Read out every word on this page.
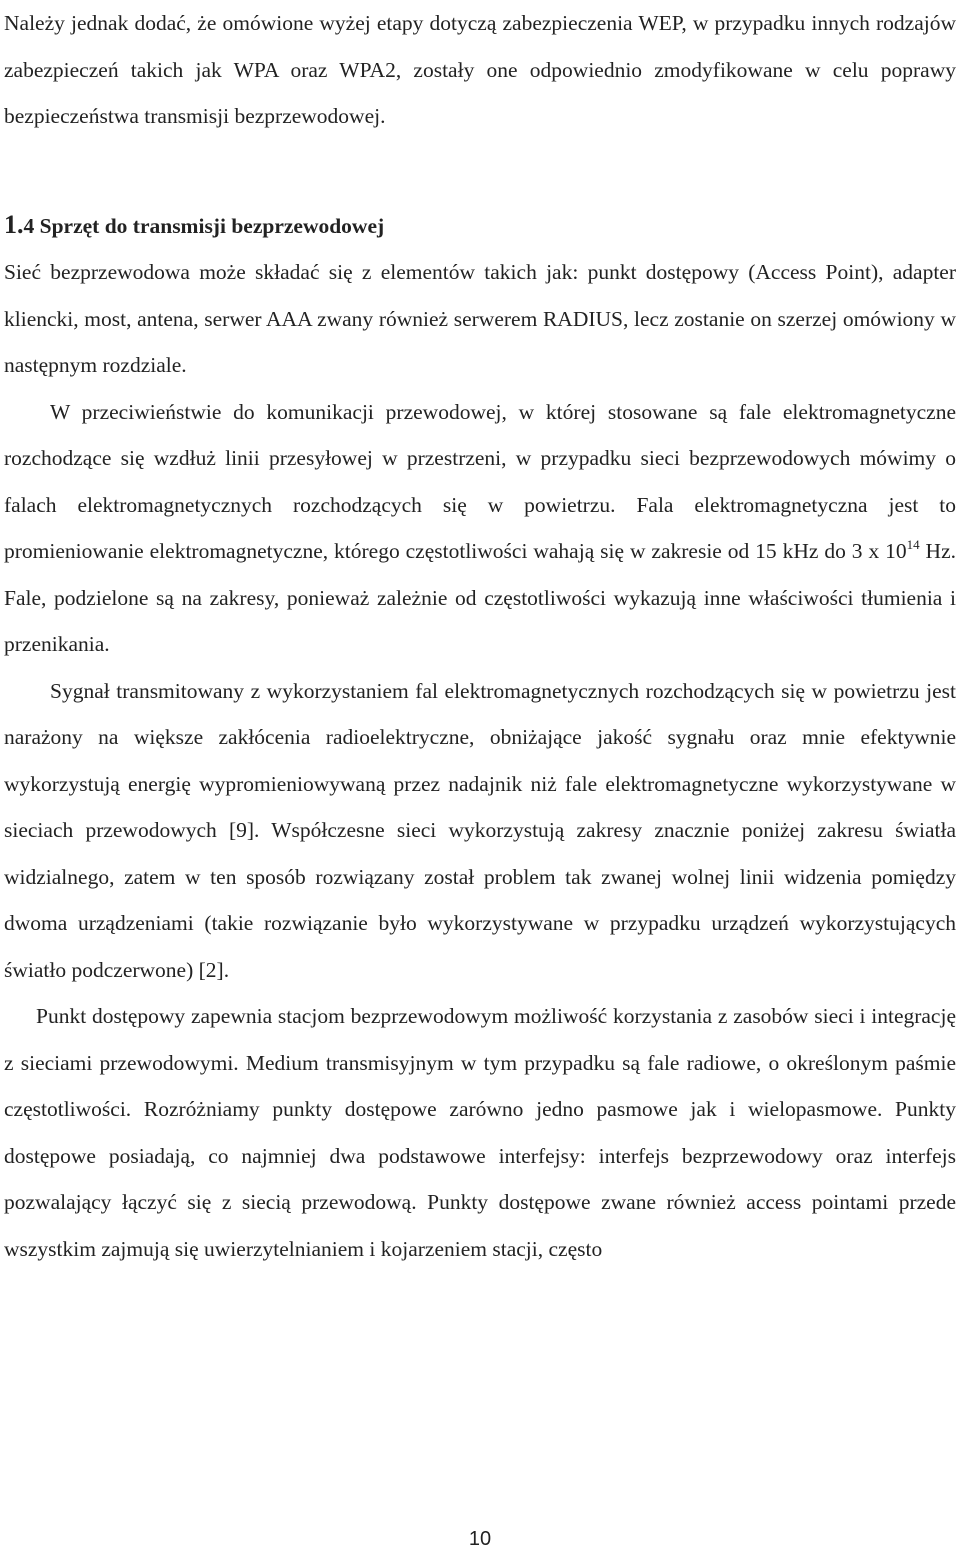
Należy jednak dodać, że omówione wyżej etapy dotyczą zabezpieczenia WEP, w przypadku innych rodzajów zabezpieczeń takich jak WPA oraz WPA2, zostały one odpowiednio zmodyfikowane w celu poprawy bezpieczeństwa transmisji bezprzewodowej.

1.4 Sprzęt do transmisji bezprzewodowej

Sieć bezprzewodowa może składać się z elementów takich jak: punkt dostępowy (Access Point), adapter kliencki, most, antena, serwer AAA zwany również serwerem RADIUS, lecz zostanie on szerzej omówiony w następnym rozdziale.

W przeciwieństwie do komunikacji przewodowej, w której stosowane są fale elektromagnetyczne rozchodzące się wzdłuż linii przesyłowej w przestrzeni, w przypadku sieci bezprzewodowych mówimy o falach elektromagnetycznych rozchodzących się w powietrzu. Fala elektromagnetyczna jest to promieniowanie elektromagnetyczne, którego częstotliwości wahają się w zakresie od 15 kHz do 3 x $10^{14}$ Hz. Fale, podzielone są na zakresy, ponieważ zależnie od częstotliwości wykazują inne właściwości tłumienia i przenikania.

Sygnał transmitowany z wykorzystaniem fal elektromagnetycznych rozchodzących się w powietrzu jest narażony na większe zakłócenia radioelektryczne, obniżające jakość sygnału oraz mnie efektywnie wykorzystują energię wypromieniowywaną przez nadajnik niż fale elektromagnetyczne wykorzystywane w sieciach przewodowych [9]. Współczesne sieci wykorzystują zakresy znacznie poniżej zakresu światła widzialnego, zatem w ten sposób rozwiązany został problem tak zwanej wolnej linii widzenia pomiędzy dwoma urządzeniami (takie rozwiązanie było wykorzystywane w przypadku urządzeń wykorzystujących światło podczerwone) [2].

Punkt dostępowy zapewnia stacjom bezprzewodowym możliwość korzystania z zasobów sieci i integrację z sieciami przewodowymi. Medium transmisyjnym w tym przypadku są fale radiowe, o określonym paśmie częstotliwości. Rozróżniamy punkty dostępowe zarówno jedno pasmowe jak i wielopasmowe. Punkty dostępowe posiadają, co najmniej dwa podstawowe interfejsy: interfejs bezprzewodowy oraz interfejs pozwalający łączyć się z siecią przewodową. Punkty dostępowe zwane również access pointami przede wszystkim zajmują się uwierzytelnianiem i kojarzeniem stacji, często

10
